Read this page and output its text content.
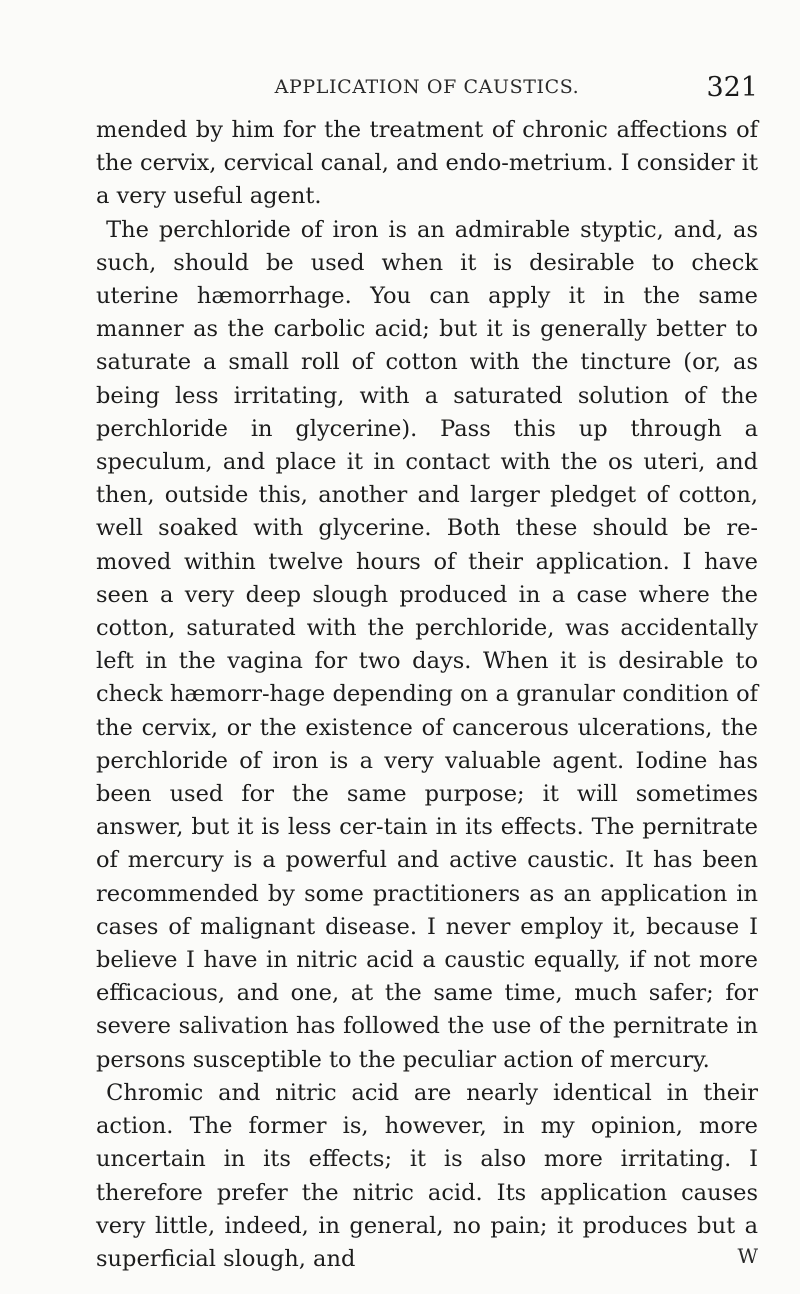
APPLICATION OF CAUSTICS.	321

mended by him for the treatment of chronic affections of the cervix, cervical canal, and endo-metrium. I consider it a very useful agent.

The perchloride of iron is an admirable styptic, and, as such, should be used when it is desirable to check uterine hæmorrhage. You can apply it in the same manner as the carbolic acid; but it is generally better to saturate a small roll of cotton with the tincture (or, as being less irritating, with a saturated solution of the perchloride in glycerine). Pass this up through a speculum, and place it in contact with the os uteri, and then, outside this, another and larger pledget of cotton, well soaked with glycerine. Both these should be re-moved within twelve hours of their application. I have seen a very deep slough produced in a case where the cotton, saturated with the perchloride, was accidentally left in the vagina for two days. When it is desirable to check hæmorr-hage depending on a granular condition of the cervix, or the existence of cancerous ulcerations, the perchloride of iron is a very valuable agent. Iodine has been used for the same purpose; it will sometimes answer, but it is less cer-tain in its effects. The pernitrate of mercury is a powerful and active caustic. It has been recommended by some practitioners as an application in cases of malignant disease. I never employ it, because I believe I have in nitric acid a caustic equally, if not more efficacious, and one, at the same time, much safer; for severe salivation has followed the use of the pernitrate in persons susceptible to the peculiar action of mercury.

Chromic and nitric acid are nearly identical in their action. The former is, however, in my opinion, more uncertain in its effects; it is also more irritating. I therefore prefer the nitric acid. Its application causes very little, indeed, in general, no pain; it produces but a superficial slough, and	W
